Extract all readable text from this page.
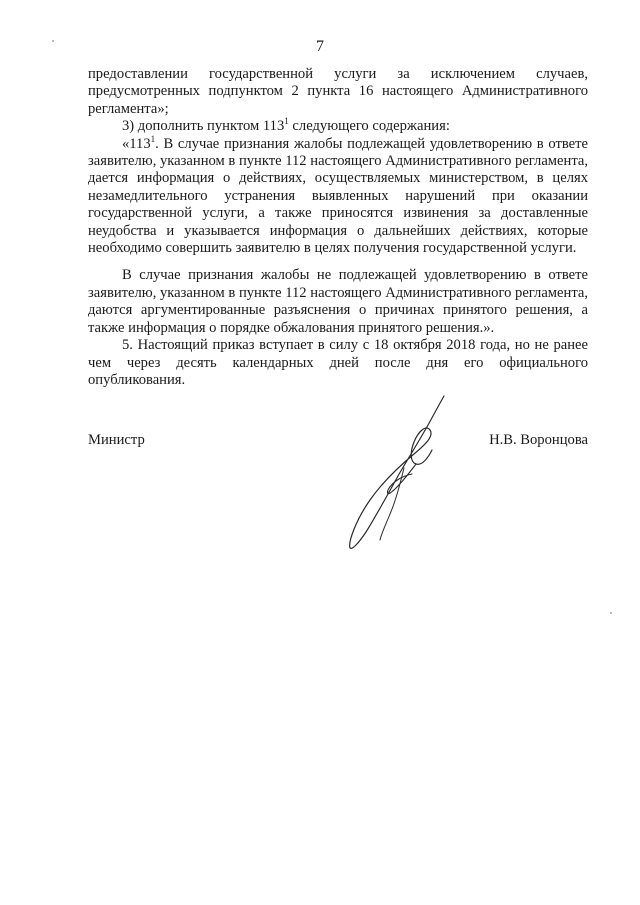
7

предоставлении государственной услуги за исключением случаев, предусмотренных подпунктом 2 пункта 16 настоящего Административного регламента»;

3) дополнить пунктом $113^1$ следующего содержания:

«$113^1$. В случае признания жалобы подлежащей удовлетворению в ответе заявителю, указанном в пункте 112 настоящего Административного регламента, дается информация о действиях, осуществляемых министерством, в целях незамедлительного устранения выявленных нарушений при оказании государственной услуги, а также приносятся извинения за доставленные неудобства и указывается информация о дальнейших действиях, которые необходимо совершить заявителю в целях получения государственной услуги.

В случае признания жалобы не подлежащей удовлетворению в ответе заявителю, указанном в пункте 112 настоящего Административного регламента, даются аргументированные разъяснения о причинах принятого решения, а также информация о порядке обжалования принятого решения.».

5. Настоящий приказ вступает в силу с 18 октября 2018 года, но не ранее чем через десять календарных дней после дня его официального опубликования.

Министр	Н.В. Воронцова
